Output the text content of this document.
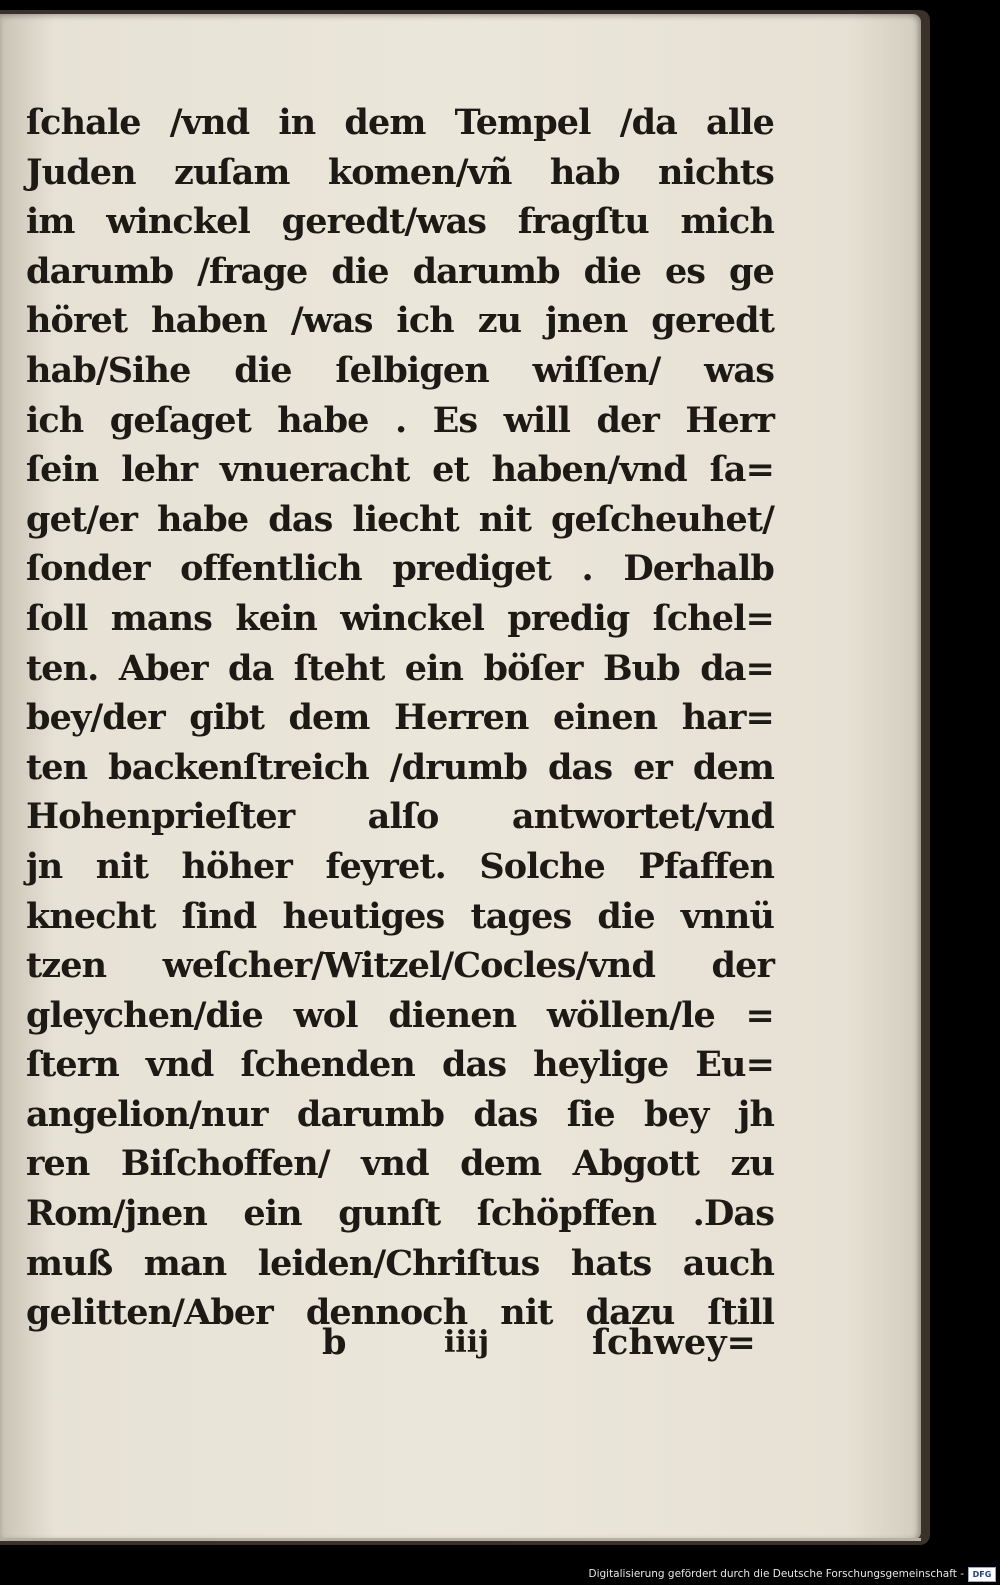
ſchale /vnd in dem Tempel /da alle
Juden zuſam komen/vñ hab nichts
im winckel geredt/was fragſtu mich
darumb /frage die darumb die es ge
höret haben /was ich zu jnen geredt
hab/Sihe die ſelbigen wiſſen/ was
ich geſaget habe . Es will der Herr
ſein lehr vnueracht et haben/vnd ſa=
get/er habe das liecht nit geſcheuhet/
ſonder offentlich prediget . Derhalb
ſoll mans kein winckel predig ſchel=
ten. Aber da ſteht ein böſer Bub da=
bey/der gibt dem Herren einen har=
ten backenſtreich /drumb das er dem
Hohenprieſter alſo antwortet/vnd
jn nit höher feyret. Solche Pfaffen
knecht ſind heutiges tages die vnnü
tzen weſcher/Witzel/Cocles/vnd der
gleychen/die wol dienen wöllen/le =
ſtern vnd ſchenden das heylige Eu=
angelion/nur darumb das ſie bey jh
ren Biſchoffen/ vnd dem Abgott zu
Rom/jnen ein gunſt ſchöpffen .Das
muß man leiden/Chriſtus hats auch
gelitten/Aber dennoch nit dazu ſtill
b	iiij	ſchwey=
Digitalisierung gefördert durch die Deutsche Forschungsgemeinschaft -	DFG
